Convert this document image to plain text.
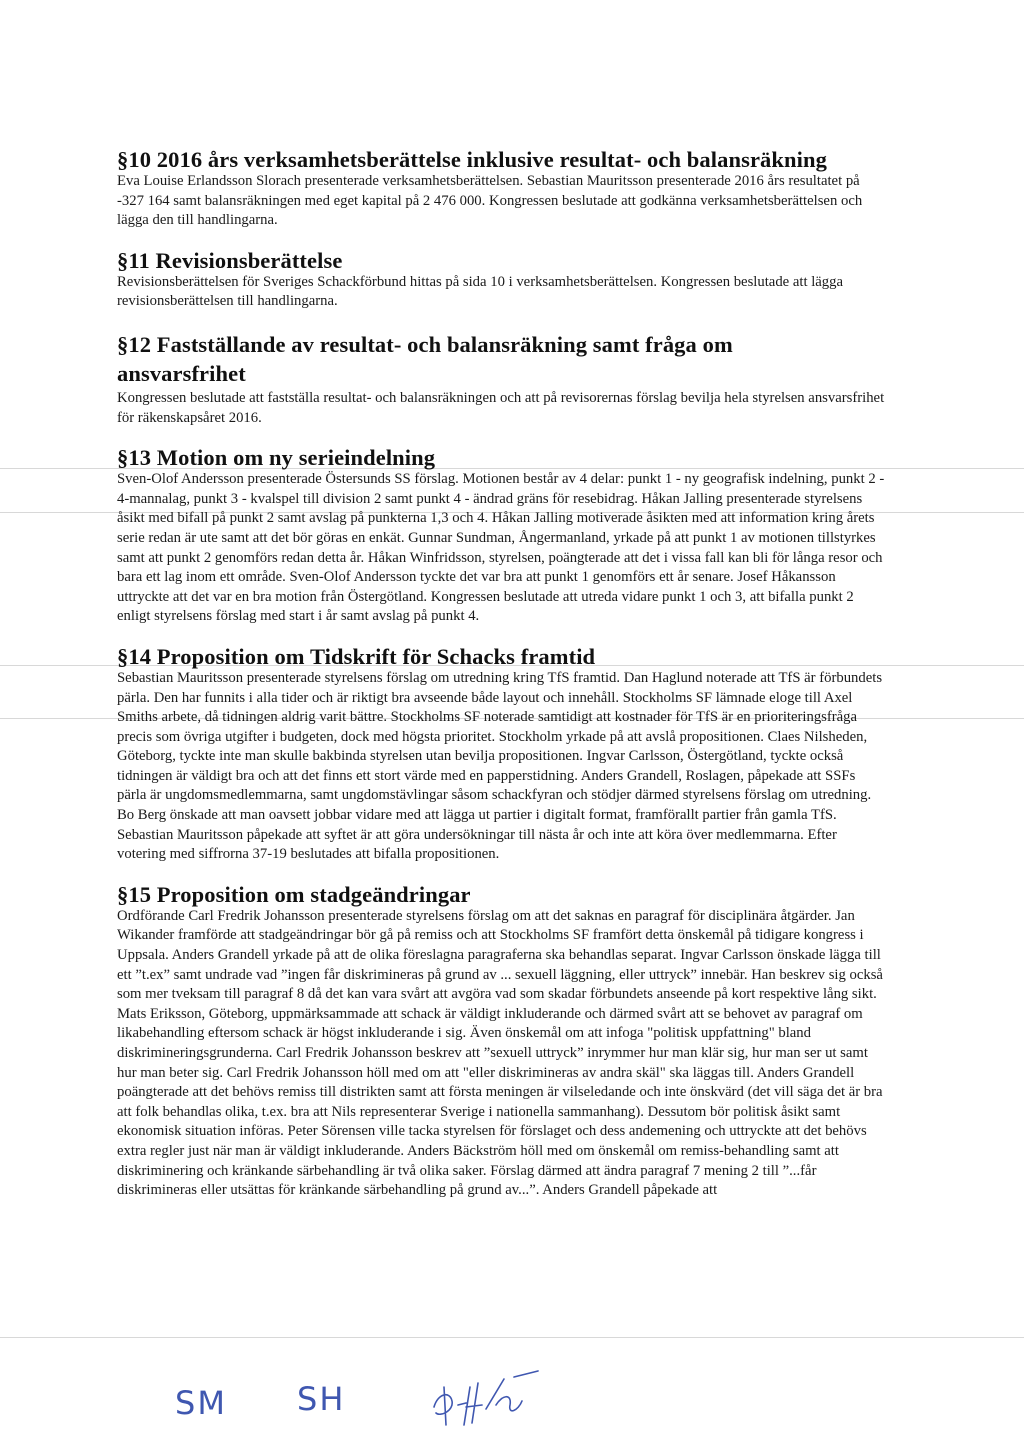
§10 2016 års verksamhetsberättelse inklusive resultat- och balansräkning

Eva Louise Erlandsson Slorach presenterade verksamhetsberättelsen. Sebastian Mauritsson presenterade 2016 års resultatet på -327 164 samt balansräkningen med eget kapital på 2 476 000. Kongressen beslutade att godkänna verksamhetsberättelsen och lägga den till handlingarna.

§11 Revisionsberättelse

Revisionsberättelsen för Sveriges Schackförbund hittas på sida 10 i verksamhetsberättelsen. Kongressen beslutade att lägga revisionsberättelsen till handlingarna.

§12 Fastställande av resultat- och balansräkning samt fråga om ansvarsfrihet

Kongressen beslutade att fastställa resultat- och balansräkningen och att på revisorernas förslag bevilja hela styrelsen ansvarsfrihet för räkenskapsåret 2016.

§13 Motion om ny serieindelning

Sven-Olof Andersson presenterade Östersunds SS förslag. Motionen består av 4 delar: punkt 1 - ny geografisk indelning, punkt 2 - 4-mannalag, punkt 3 - kvalspel till division 2 samt punkt 4 - ändrad gräns för resebidrag. Håkan Jalling presenterade styrelsens åsikt med bifall på punkt 2 samt avslag på punkterna 1,3 och 4. Håkan Jalling motiverade åsikten med att information kring årets serie redan är ute samt att det bör göras en enkät. Gunnar Sundman, Ångermanland, yrkade på att punkt 1 av motionen tillstyrkes samt att punkt 2 genomförs redan detta år. Håkan Winfridsson, styrelsen, poängterade att det i vissa fall kan bli för långa resor och bara ett lag inom ett område. Sven-Olof Andersson tyckte det var bra att punkt 1 genomförs ett år senare. Josef Håkansson uttryckte att det var en bra motion från Östergötland. Kongressen beslutade att utreda vidare punkt 1 och 3, att bifalla punkt 2 enligt styrelsens förslag med start i år samt avslag på punkt 4.

§14 Proposition om Tidskrift för Schacks framtid

Sebastian Mauritsson presenterade styrelsens förslag om utredning kring TfS framtid. Dan Haglund noterade att TfS är förbundets pärla. Den har funnits i alla tider och är riktigt bra avseende både layout och innehåll. Stockholms SF lämnade eloge till Axel Smiths arbete, då tidningen aldrig varit bättre. Stockholms SF noterade samtidigt att kostnader för TfS är en prioriteringsfråga precis som övriga utgifter i budgeten, dock med högsta prioritet. Stockholm yrkade på att avslå propositionen. Claes Nilsheden, Göteborg, tyckte inte man skulle bakbinda styrelsen utan bevilja propositionen. Ingvar Carlsson, Östergötland, tyckte också tidningen är väldigt bra och att det finns ett stort värde med en papperstidning. Anders Grandell, Roslagen, påpekade att SSFs pärla är ungdomsmedlemmarna, samt ungdomstävlingar såsom schackfyran och stödjer därmed styrelsens förslag om utredning. Bo Berg önskade att man oavsett jobbar vidare med att lägga ut partier i digitalt format, framförallt partier från gamla TfS. Sebastian Mauritsson påpekade att syftet är att göra undersökningar till nästa år och inte att köra över medlemmarna. Efter votering med siffrorna 37-19 beslutades att bifalla propositionen.

§15 Proposition om stadgeändringar

Ordförande Carl Fredrik Johansson presenterade styrelsens förslag om att det saknas en paragraf för disciplinära åtgärder. Jan Wikander framförde att stadgeändringar bör gå på remiss och att Stockholms SF framfört detta önskemål på tidigare kongress i Uppsala. Anders Grandell yrkade på att de olika föreslagna paragraferna ska behandlas separat. Ingvar Carlsson önskade lägga till ett ”t.ex” samt undrade vad ”ingen får diskrimineras på grund av ... sexuell läggning, eller uttryck” innebär. Han beskrev sig också som mer tveksam till paragraf 8 då det kan vara svårt att avgöra vad som skadar förbundets anseende på kort respektive lång sikt. Mats Eriksson, Göteborg, uppmärksammade att schack är väldigt inkluderande och därmed svårt att se behovet av paragraf om likabehandling eftersom schack är högst inkluderande i sig. Även önskemål om att infoga "politisk uppfattning" bland diskrimineringsgrunderna. Carl Fredrik Johansson beskrev att ”sexuell uttryck” inrymmer hur man klär sig, hur man ser ut samt hur man beter sig. Carl Fredrik Johansson höll med om att "eller diskrimineras av andra skäl" ska läggas till. Anders Grandell poängterade att det behövs remiss till distrikten samt att första meningen är vilseledande och inte önskvärd (det vill säga det är bra att folk behandlas olika, t.ex. bra att Nils representerar Sverige i nationella sammanhang). Dessutom bör politisk åsikt samt ekonomisk situation införas. Peter Sörensen ville tacka styrelsen för förslaget och dess andemening och uttryckte att det behövs extra regler just när man är väldigt inkluderande. Anders Bäckström höll med om önskemål om remiss-behandling samt att diskriminering och kränkande särbehandling är två olika saker. Förslag därmed att ändra paragraf 7 mening 2 till ”...får diskrimineras eller utsättas för kränkande särbehandling på grund av...”. Anders Grandell påpekade att

SM SH
